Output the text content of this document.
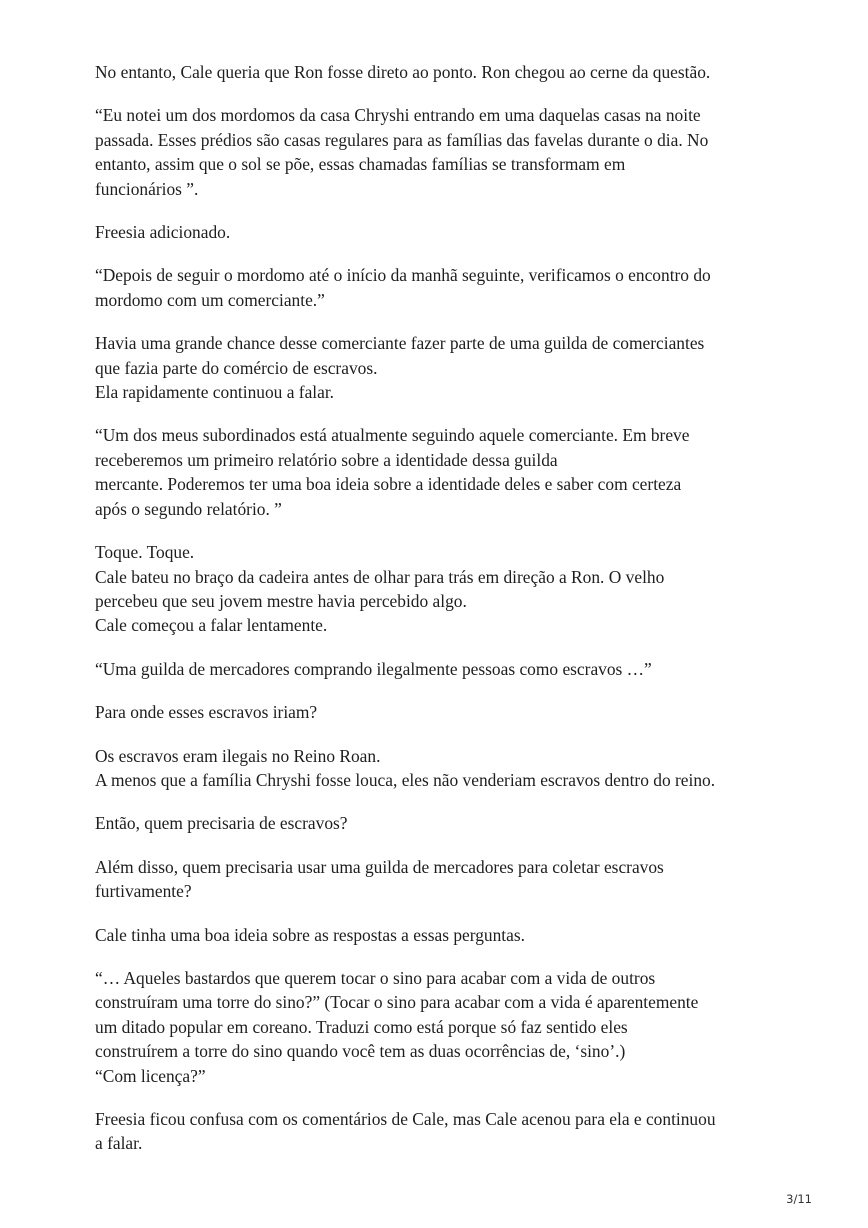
No entanto, Cale queria que Ron fosse direto ao ponto. Ron chegou ao cerne da questão.

“Eu notei um dos mordomos da casa Chryshi entrando em uma daquelas casas na noite
passada. Esses prédios são casas regulares para as famílias das favelas durante o dia. No
entanto, assim que o sol se põe, essas chamadas famílias se transformam em
funcionários ”.

Freesia adicionado.

“Depois de seguir o mordomo até o início da manhã seguinte, verificamos o encontro do
mordomo com um comerciante.”

Havia uma grande chance desse comerciante fazer parte de uma guilda de comerciantes
que fazia parte do comércio de escravos.
Ela rapidamente continuou a falar.

“Um dos meus subordinados está atualmente seguindo aquele comerciante. Em breve
receberemos um primeiro relatório sobre a identidade dessa guilda
mercante. Poderemos ter uma boa ideia sobre a identidade deles e saber com certeza
após o segundo relatório. ”

Toque. Toque.
Cale bateu no braço da cadeira antes de olhar para trás em direção a Ron. O velho
percebeu que seu jovem mestre havia percebido algo.
Cale começou a falar lentamente.

“Uma guilda de mercadores comprando ilegalmente pessoas como escravos …”

Para onde esses escravos iriam?

Os escravos eram ilegais no Reino Roan.
A menos que a família Chryshi fosse louca, eles não venderiam escravos dentro do reino.

Então, quem precisaria de escravos?

Além disso, quem precisaria usar uma guilda de mercadores para coletar escravos
furtivamente?

Cale tinha uma boa ideia sobre as respostas a essas perguntas.

“… Aqueles bastardos que querem tocar o sino para acabar com a vida de outros
construíram uma torre do sino?” (Tocar o sino para acabar com a vida é aparentemente
um ditado popular em coreano. Traduzi como está porque só faz sentido eles
construírem a torre do sino quando você tem as duas ocorrências de, ‘sino’.)
“Com licença?”

Freesia ficou confusa com os comentários de Cale, mas Cale acenou para ela e continuou
a falar.

3/11
